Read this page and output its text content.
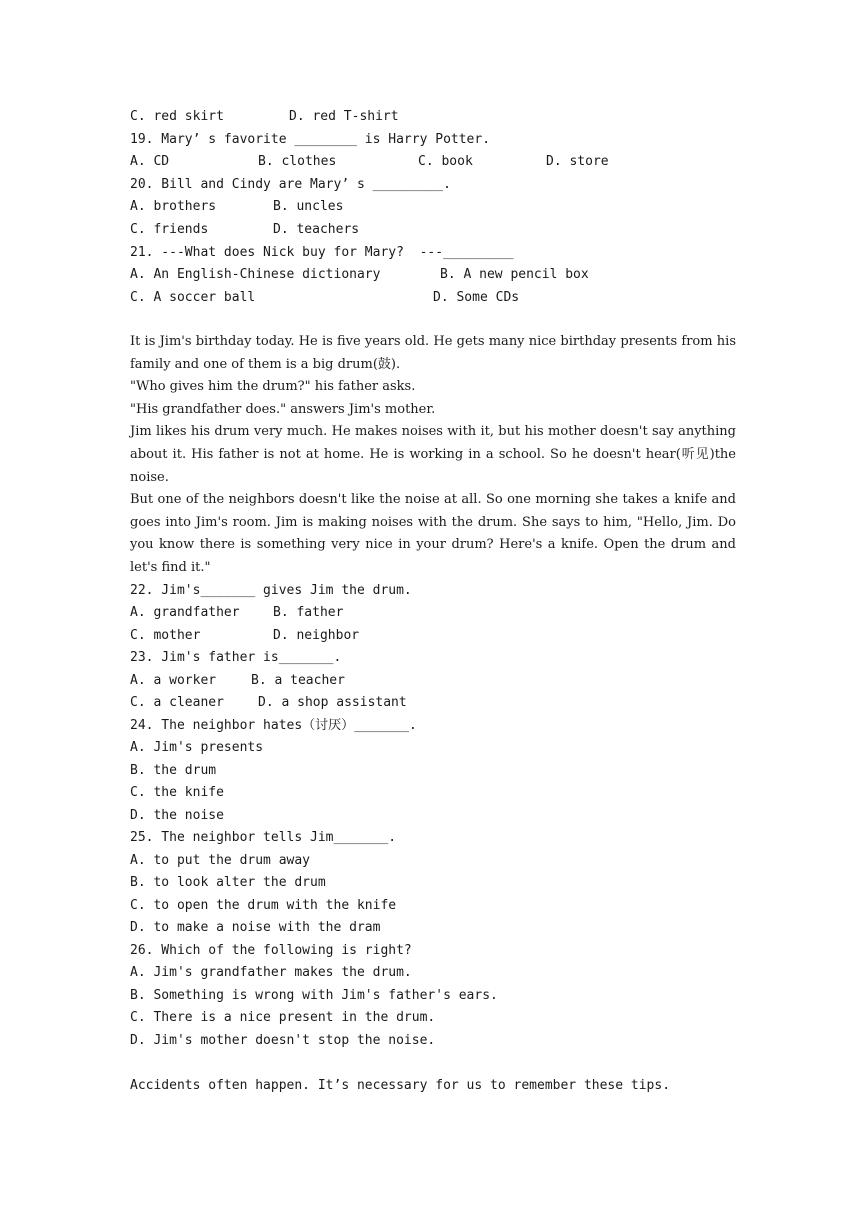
C. red skirt	D. red T-shirt
19. Mary’ s favorite ________ is Harry Potter.
A. CD	B. clothes	C. book	D. store
20. Bill and Cindy are Mary’ s _________.
A. brothers	B. uncles
C. friends	D. teachers
21. ---What does Nick buy for Mary?  ---_________
A. An English-Chinese dictionary	B. A new pencil box
C. A soccer ball	D. Some CDs

It is Jim's birthday today. He is five years old. He gets many nice birthday presents from his family and one of them is a big drum(鼓).

"Who gives him the drum?" his father asks.

"His grandfather does." answers Jim's mother.

Jim likes his drum very much. He makes noises with it, but his mother doesn't say anything about it. His father is not at home. He is working in a school. So he doesn't hear(听见)the noise.

But one of the neighbors doesn't like the noise at all. So one morning she takes a knife and goes into Jim's room. Jim is making noises with the drum. She says to him, "Hello, Jim. Do you know there is something very nice in your drum? Here's a knife. Open the drum and let's find it."

22. Jim's_______ gives Jim the drum.
A. grandfather	B. father
C. mother	D. neighbor
23. Jim's father is_______.
A. a worker	B. a teacher
C. a cleaner	D. a shop assistant
24. The neighbor hates（讨厌）_______.
A. Jim's presents
B. the drum
C. the knife
D. the noise
25. The neighbor tells Jim_______.
A. to put the drum away
B. to look alter the drum
C. to open the drum with the knife
D. to make a noise with the dram
26. Which of the following is right?
A. Jim's grandfather makes the drum.
B. Something is wrong with Jim's father's ears.
C. There is a nice present in the drum.
D. Jim's mother doesn't stop the noise.
Accidents often happen. It’s necessary for us to remember these tips.
